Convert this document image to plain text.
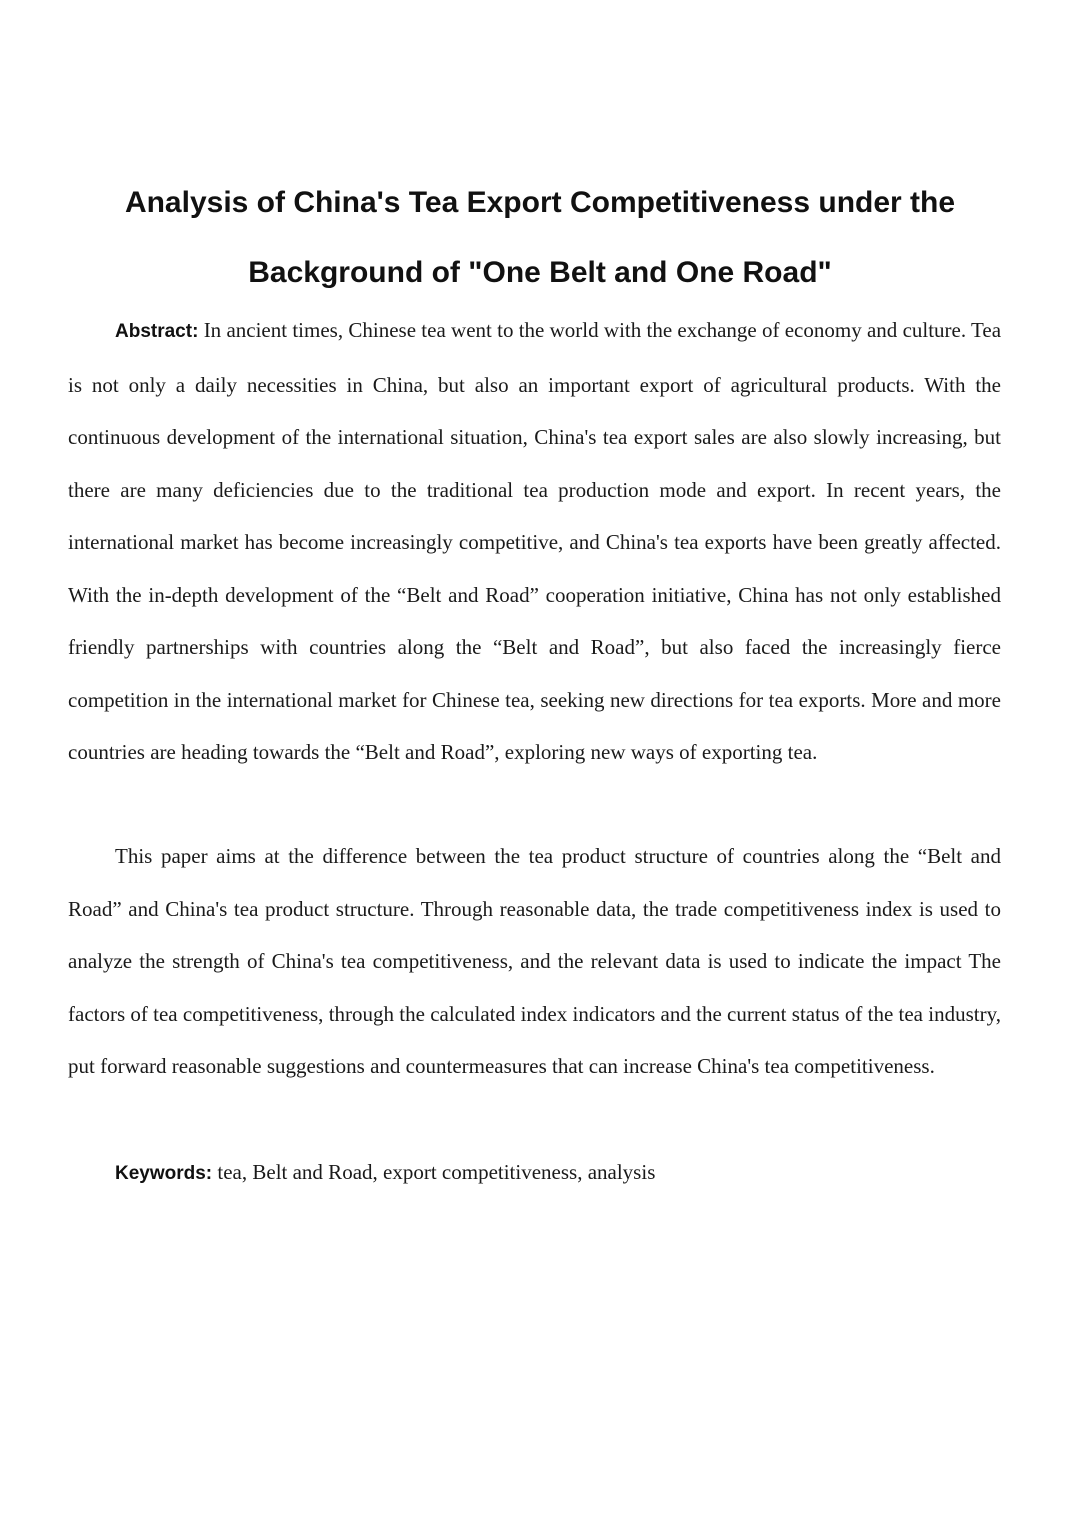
Analysis of China's Tea Export Competitiveness under the Background of "One Belt and One Road"

Abstract: In ancient times, Chinese tea went to the world with the exchange of economy and culture. Tea is not only a daily necessities in China, but also an important export of agricultural products. With the continuous development of the international situation, China's tea export sales are also slowly increasing, but there are many deficiencies due to the traditional tea production mode and export. In recent years, the international market has become increasingly competitive, and China's tea exports have been greatly affected. With the in-depth development of the “Belt and Road” cooperation initiative, China has not only established friendly partnerships with countries along the “Belt and Road”, but also faced the increasingly fierce competition in the international market for Chinese tea, seeking new directions for tea exports. More and more countries are heading towards the “Belt and Road”, exploring new ways of exporting tea.

This paper aims at the difference between the tea product structure of countries along the “Belt and Road” and China's tea product structure. Through reasonable data, the trade competitiveness index is used to analyze the strength of China's tea competitiveness, and the relevant data is used to indicate the impact The factors of tea competitiveness, through the calculated index indicators and the current status of the tea industry, put forward reasonable suggestions and countermeasures that can increase China's tea competitiveness.

Keywords: tea, Belt and Road, export competitiveness, analysis
